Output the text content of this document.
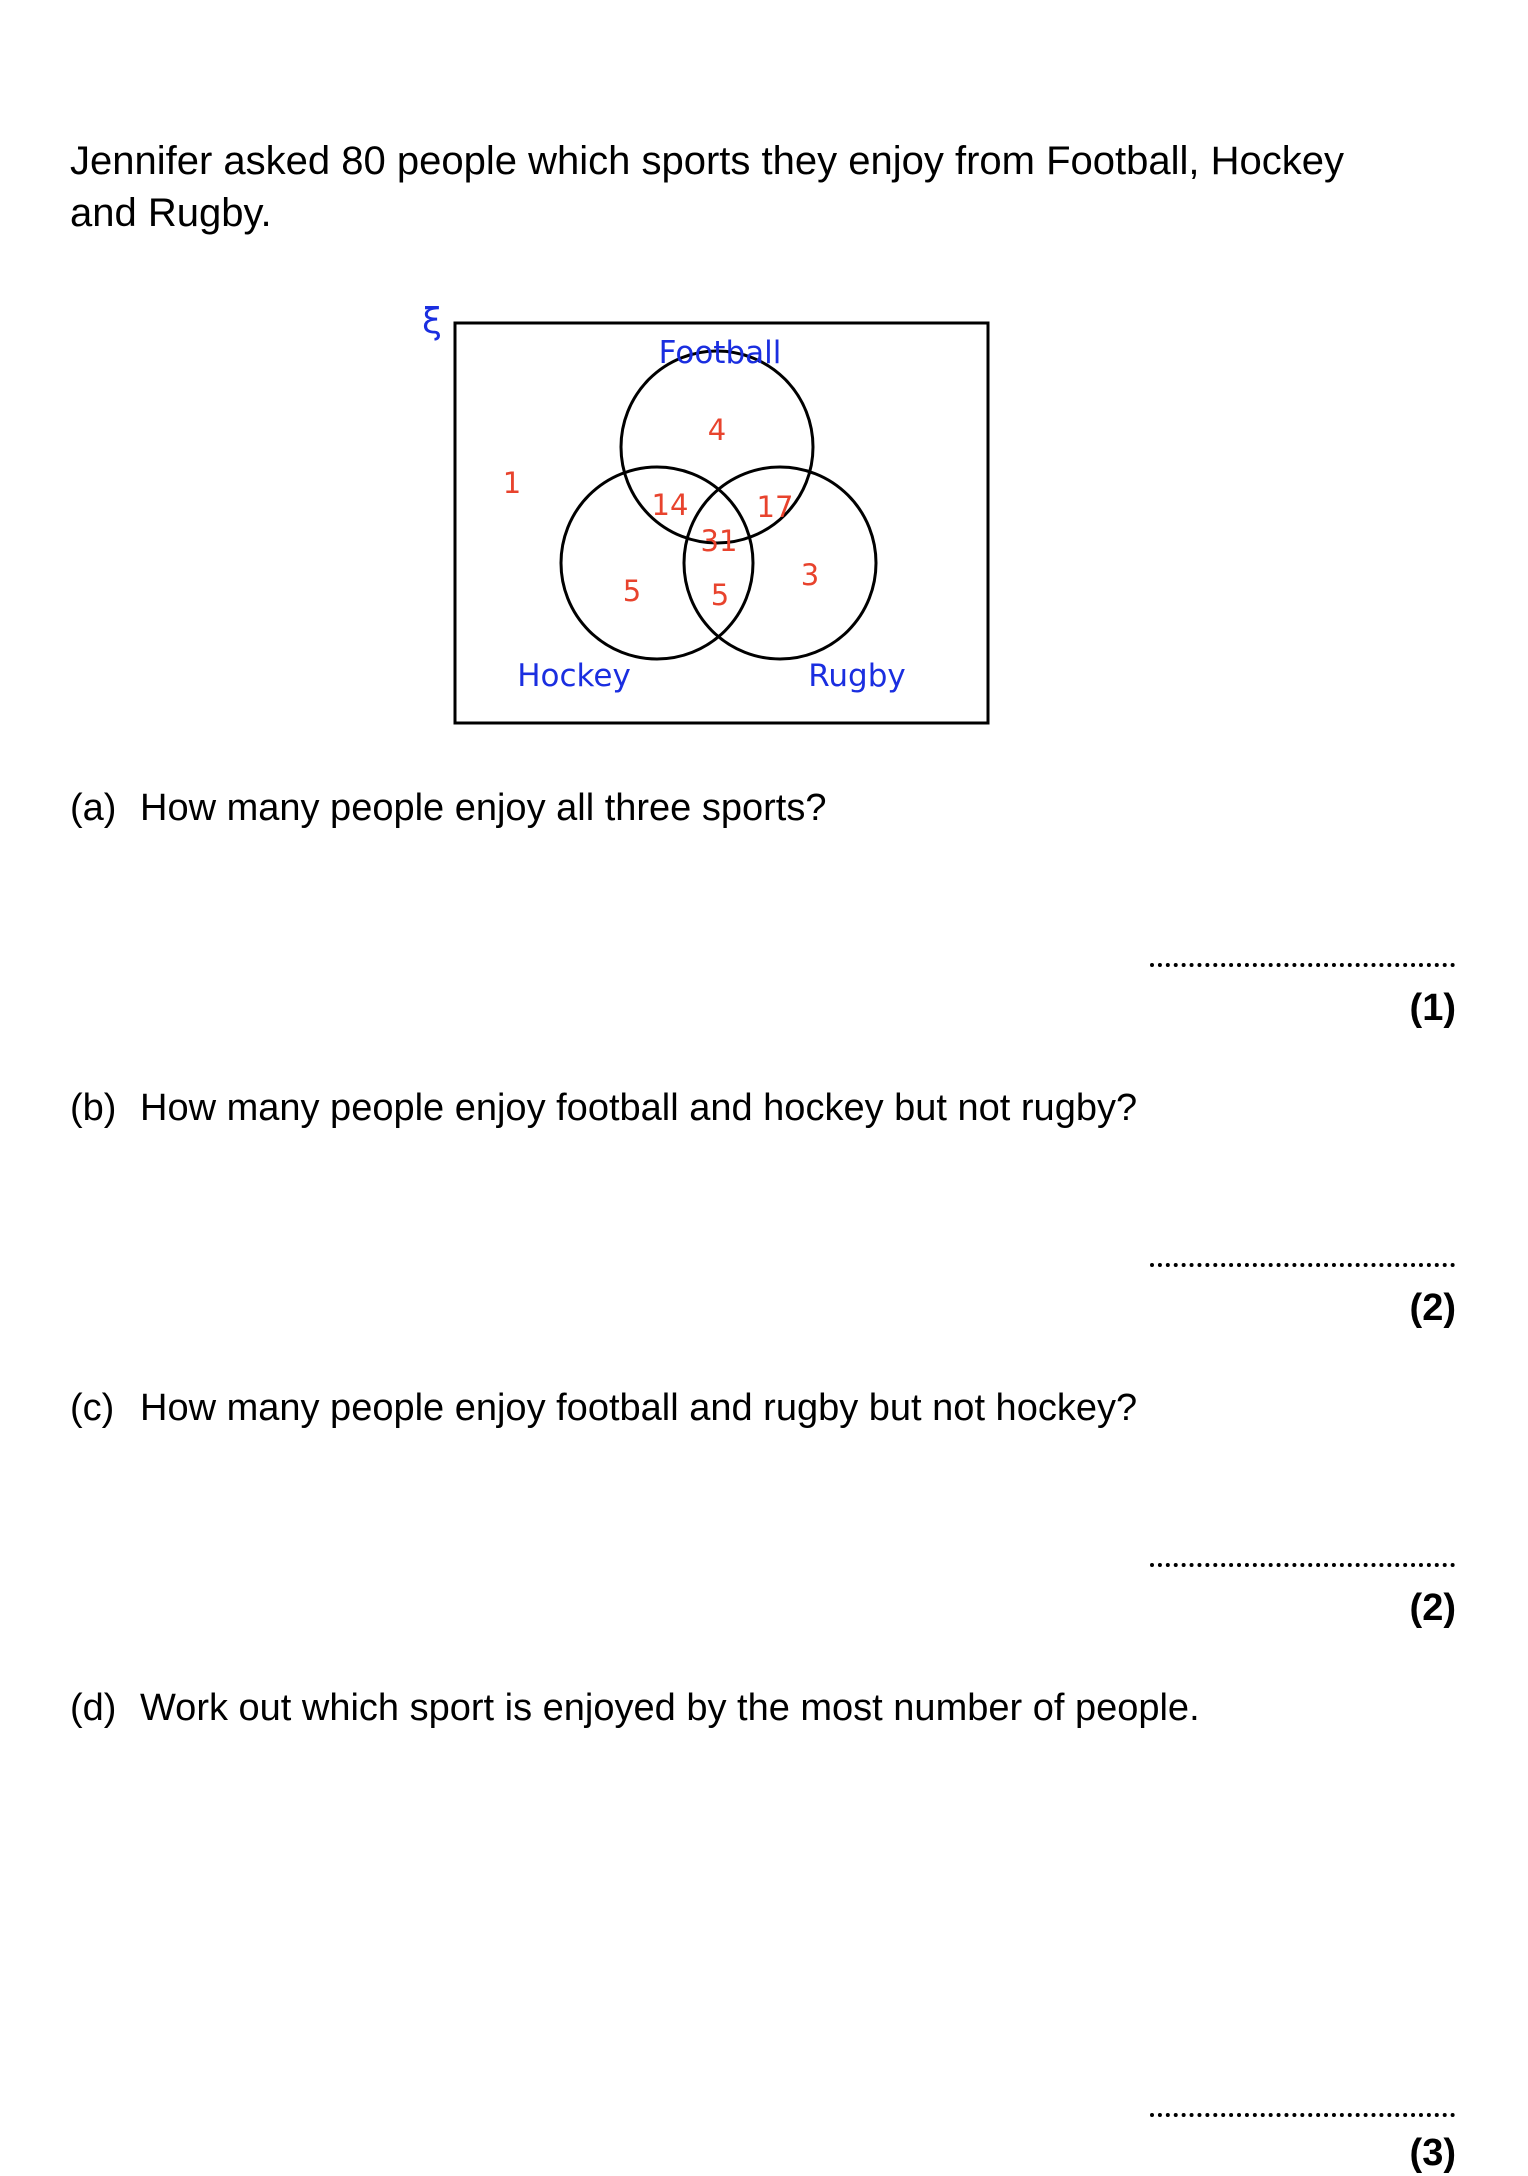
Jennifer asked 80 people which sports they enjoy from Football, Hockey and Rugby.

ξ
Football
Hockey	Rugby
1
4
14 17
31
5 5
3

(a) How many people enjoy all three sports?

(1)

(b) How many people enjoy football and hockey but not rugby?

(2)

(c) How many people enjoy football and rugby but not hockey?

(2)

(d) Work out which sport is enjoyed by the most number of people.

(3)
